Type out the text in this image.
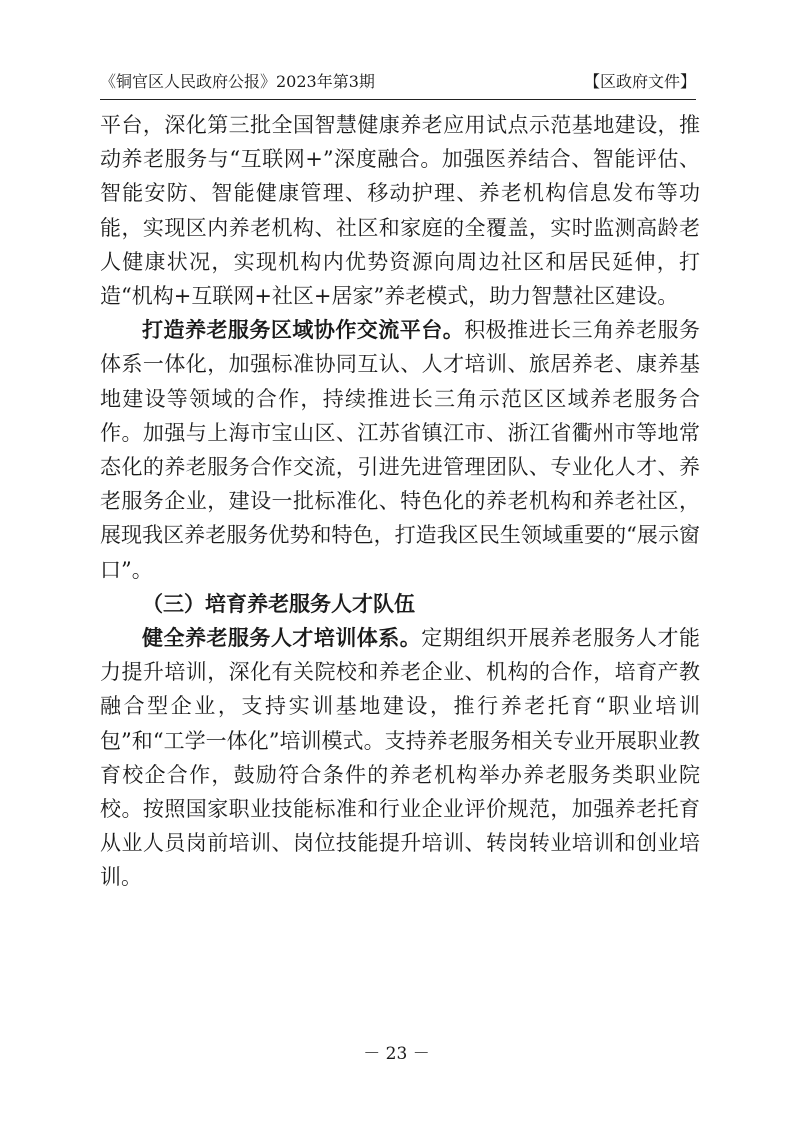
《铜官区人民政府公报》2023年第3期	【区政府文件】

平台，深化第三批全国智慧健康养老应用试点示范基地建设，推动养老服务与“互联网+”深度融合。加强医养结合、智能评估、智能安防、智能健康管理、移动护理、养老机构信息发布等功能，实现区内养老机构、社区和家庭的全覆盖，实时监测高龄老人健康状况，实现机构内优势资源向周边社区和居民延伸，打造“机构+互联网+社区+居家”养老模式，助力智慧社区建设。

打造养老服务区域协作交流平台。积极推进长三角养老服务体系一体化，加强标准协同互认、人才培训、旅居养老、康养基地建设等领域的合作，持续推进长三角示范区区域养老服务合作。加强与上海市宝山区、江苏省镇江市、浙江省衢州市等地常态化的养老服务合作交流，引进先进管理团队、专业化人才、养老服务企业，建设一批标准化、特色化的养老机构和养老社区，展现我区养老服务优势和特色，打造我区民生领域重要的“展示窗口”。

（三）培育养老服务人才队伍

健全养老服务人才培训体系。定期组织开展养老服务人才能力提升培训，深化有关院校和养老企业、机构的合作，培育产教融合型企业，支持实训基地建设，推行养老托育“职业培训包”和“工学一体化”培训模式。支持养老服务相关专业开展职业教育校企合作，鼓励符合条件的养老机构举办养老服务类职业院校。按照国家职业技能标准和行业企业评价规范，加强养老托育从业人员岗前培训、岗位技能提升培训、转岗转业培训和创业培训。

－ 23 －
